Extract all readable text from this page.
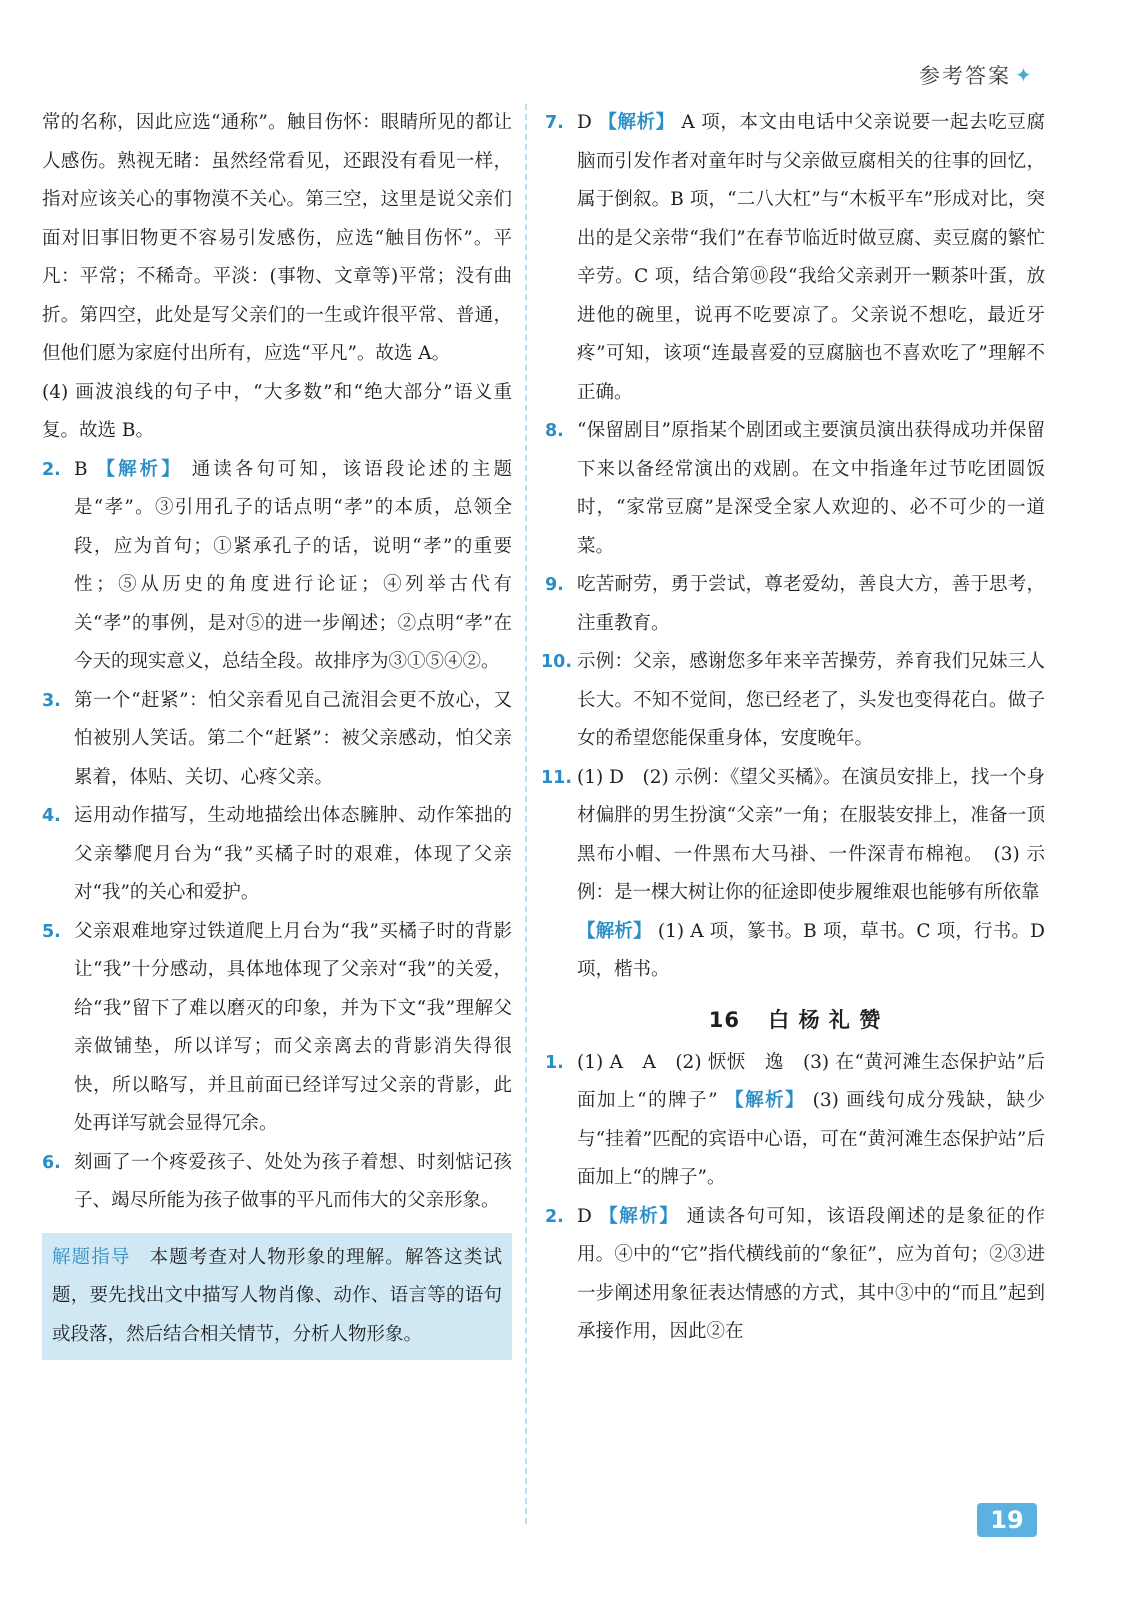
参考答案 ✦

常的名称，因此应选“通称”。触目伤怀：眼睛所见的都让人感伤。熟视无睹：虽然经常看见，还跟没有看见一样，指对应该关心的事物漠不关心。第三空，这里是说父亲们面对旧事旧物更不容易引发感伤，应选“触目伤怀”。平凡：平常；不稀奇。平淡：(事物、文章等)平常；没有曲折。第四空，此处是写父亲们的一生或许很平常、普通，但他们愿为家庭付出所有，应选“平凡”。故选 A。

(4) 画波浪线的句子中，“大多数”和“绝大部分”语义重复。故选 B。

2. B 【解析】 通读各句可知，该语段论述的主题是“孝”。③引用孔子的话点明“孝”的本质，总领全段，应为首句；①紧承孔子的话，说明“孝”的重要性；⑤从历史的角度进行论证；④列举古代有关“孝”的事例，是对⑤的进一步阐述；②点明“孝”在今天的现实意义，总结全段。故排序为③①⑤④②。
3. 第一个“赶紧”：怕父亲看见自己流泪会更不放心，又怕被别人笑话。第二个“赶紧”：被父亲感动，怕父亲累着，体贴、关切、心疼父亲。
4. 运用动作描写，生动地描绘出体态臃肿、动作笨拙的父亲攀爬月台为“我”买橘子时的艰难，体现了父亲对“我”的关心和爱护。
5. 父亲艰难地穿过铁道爬上月台为“我”买橘子时的背影让“我”十分感动，具体地体现了父亲对“我”的关爱，给“我”留下了难以磨灭的印象，并为下文“我”理解父亲做铺垫，所以详写；而父亲离去的背影消失得很快，所以略写，并且前面已经详写过父亲的背影，此处再详写就会显得冗余。
6. 刻画了一个疼爱孩子、处处为孩子着想、时刻惦记孩子、竭尽所能为孩子做事的平凡而伟大的父亲形象。
解题指导 本题考查对人物形象的理解。解答这类试题，要先找出文中描写人物肖像、动作、语言等的语句或段落，然后结合相关情节，分析人物形象。
7. D 【解析】 A 项，本文由电话中父亲说要一起去吃豆腐脑而引发作者对童年时与父亲做豆腐相关的往事的回忆，属于倒叙。B 项，“二八大杠”与“木板平车”形成对比，突出的是父亲带“我们”在春节临近时做豆腐、卖豆腐的繁忙辛劳。C 项，结合第⑩段“我给父亲剥开一颗茶叶蛋，放进他的碗里，说再不吃要凉了。父亲说不想吃，最近牙疼”可知，该项“连最喜爱的豆腐脑也不喜欢吃了”理解不正确。
8. “保留剧目”原指某个剧团或主要演员演出获得成功并保留下来以备经常演出的戏剧。在文中指逢年过节吃团圆饭时，“家常豆腐”是深受全家人欢迎的、必不可少的一道菜。
9. 吃苦耐劳，勇于尝试，尊老爱幼，善良大方，善于思考，注重教育。
10. 示例：父亲，感谢您多年来辛苦操劳，养育我们兄妹三人长大。不知不觉间，您已经老了，头发也变得花白。做子女的希望您能保重身体，安度晚年。
11. (1) D　(2) 示例：《望父买橘》。在演员安排上，找一个身材偏胖的男生扮演“父亲”一角；在服装安排上，准备一顶黑布小帽、一件黑布大马褂、一件深青布棉袍。　(3) 示例：是一棵大树让你的征途即使步履维艰也能够有所依靠
【解析】 (1) A 项，篆书。B 项，草书。C 项，行书。D 项，楷书。
16 白 杨 礼 赞
1. (1) A　A　(2) 恹恹　逸　(3) 在“黄河滩生态保护站”后面加上“的牌子” 【解析】 (3) 画线句成分残缺，缺少与“挂着”匹配的宾语中心语，可在“黄河滩生态保护站”后面加上“的牌子”。
2. D 【解析】 通读各句可知，该语段阐述的是象征的作用。④中的“它”指代横线前的“象征”，应为首句；②③进一步阐述用象征表达情感的方式，其中③中的“而且”起到承接作用，因此②在
19
